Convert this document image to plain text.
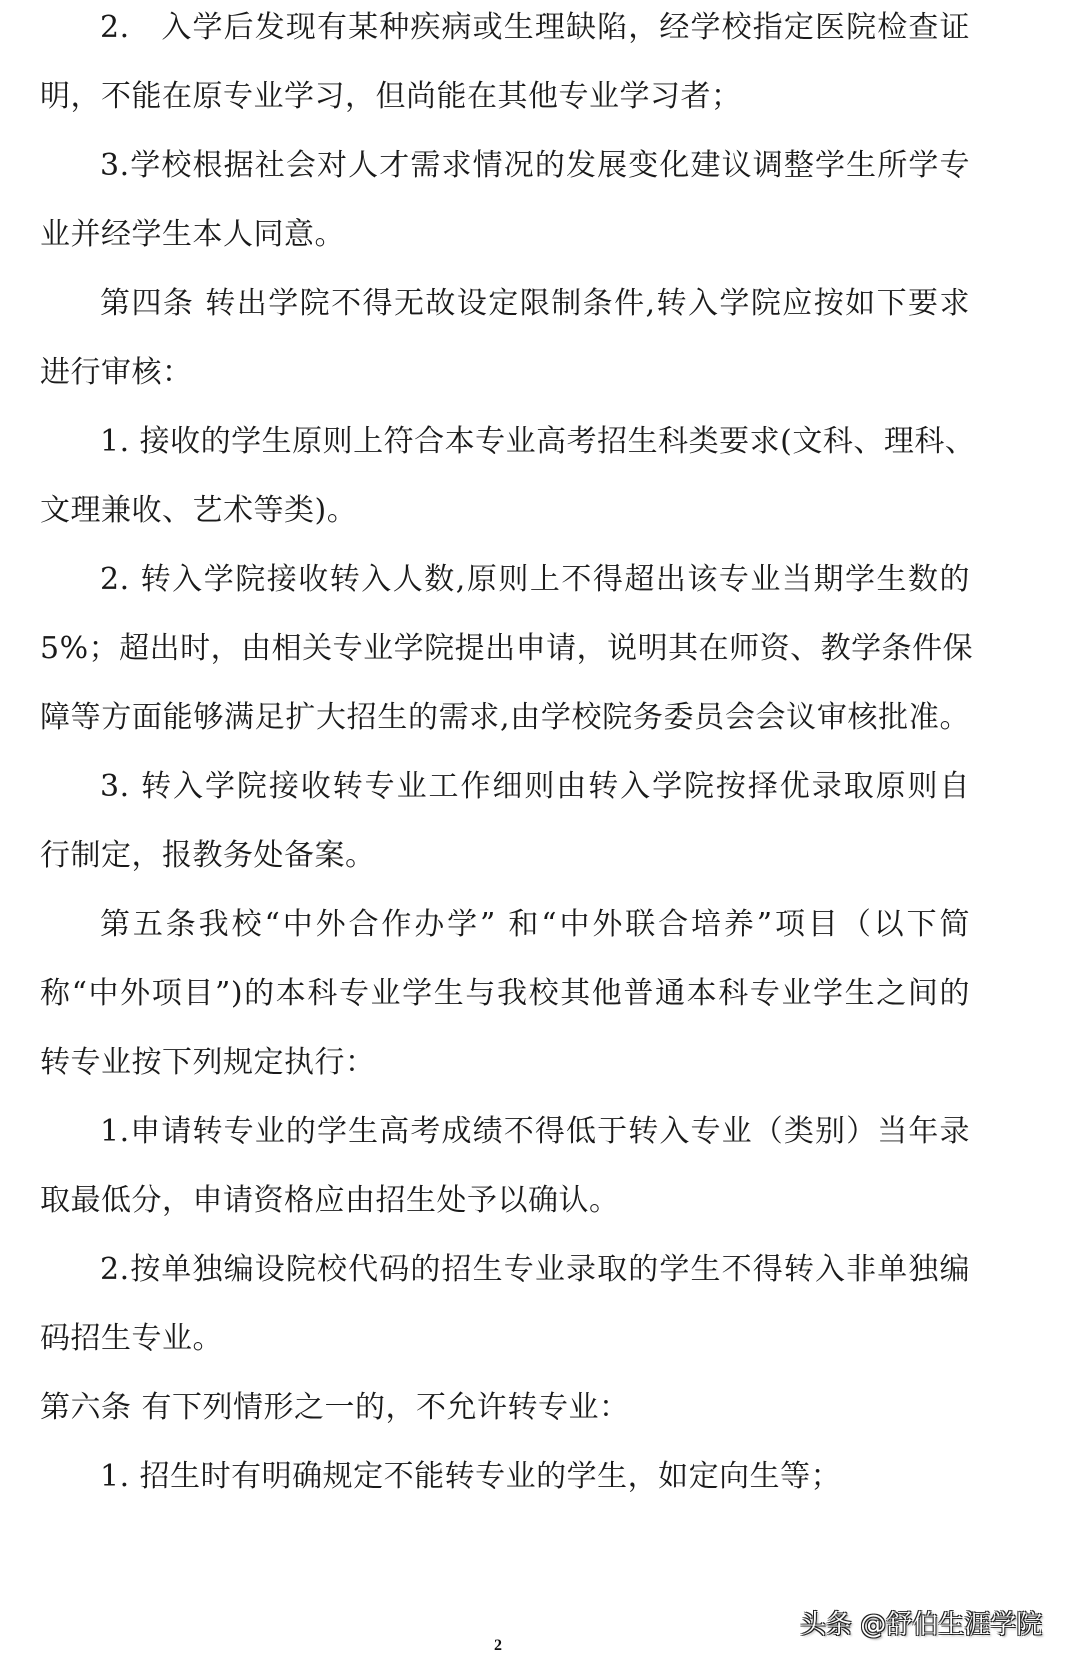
2.　入学后发现有某种疾病或生理缺陷，经学校指定医院检查证
明，不能在原专业学习，但尚能在其他专业学习者；
3.学校根据社会对人才需求情况的发展变化建议调整学生所学专
业并经学生本人同意。
第四条 转出学院不得无故设定限制条件,转入学院应按如下要求
进行审核：
1. 接收的学生原则上符合本专业高考招生科类要求(文科、理科、
文理兼收、艺术等类)。
2. 转入学院接收转入人数,原则上不得超出该专业当期学生数的
5%；超出时，由相关专业学院提出申请，说明其在师资、教学条件保
障等方面能够满足扩大招生的需求,由学校院务委员会会议审核批准。
3. 转入学院接收转专业工作细则由转入学院按择优录取原则自
行制定，报教务处备案。
第五条我校“中外合作办学” 和“中外联合培养”项目（以下简
称“中外项目”)的本科专业学生与我校其他普通本科专业学生之间的
转专业按下列规定执行：
1.申请转专业的学生高考成绩不得低于转入专业（类别）当年录
取最低分，申请资格应由招生处予以确认。
2.按单独编设院校代码的招生专业录取的学生不得转入非单独编
码招生专业。
第六条 有下列情形之一的，不允许转专业：
1. 招生时有明确规定不能转专业的学生，如定向生等；
2
头条 @舒伯生涯学院
